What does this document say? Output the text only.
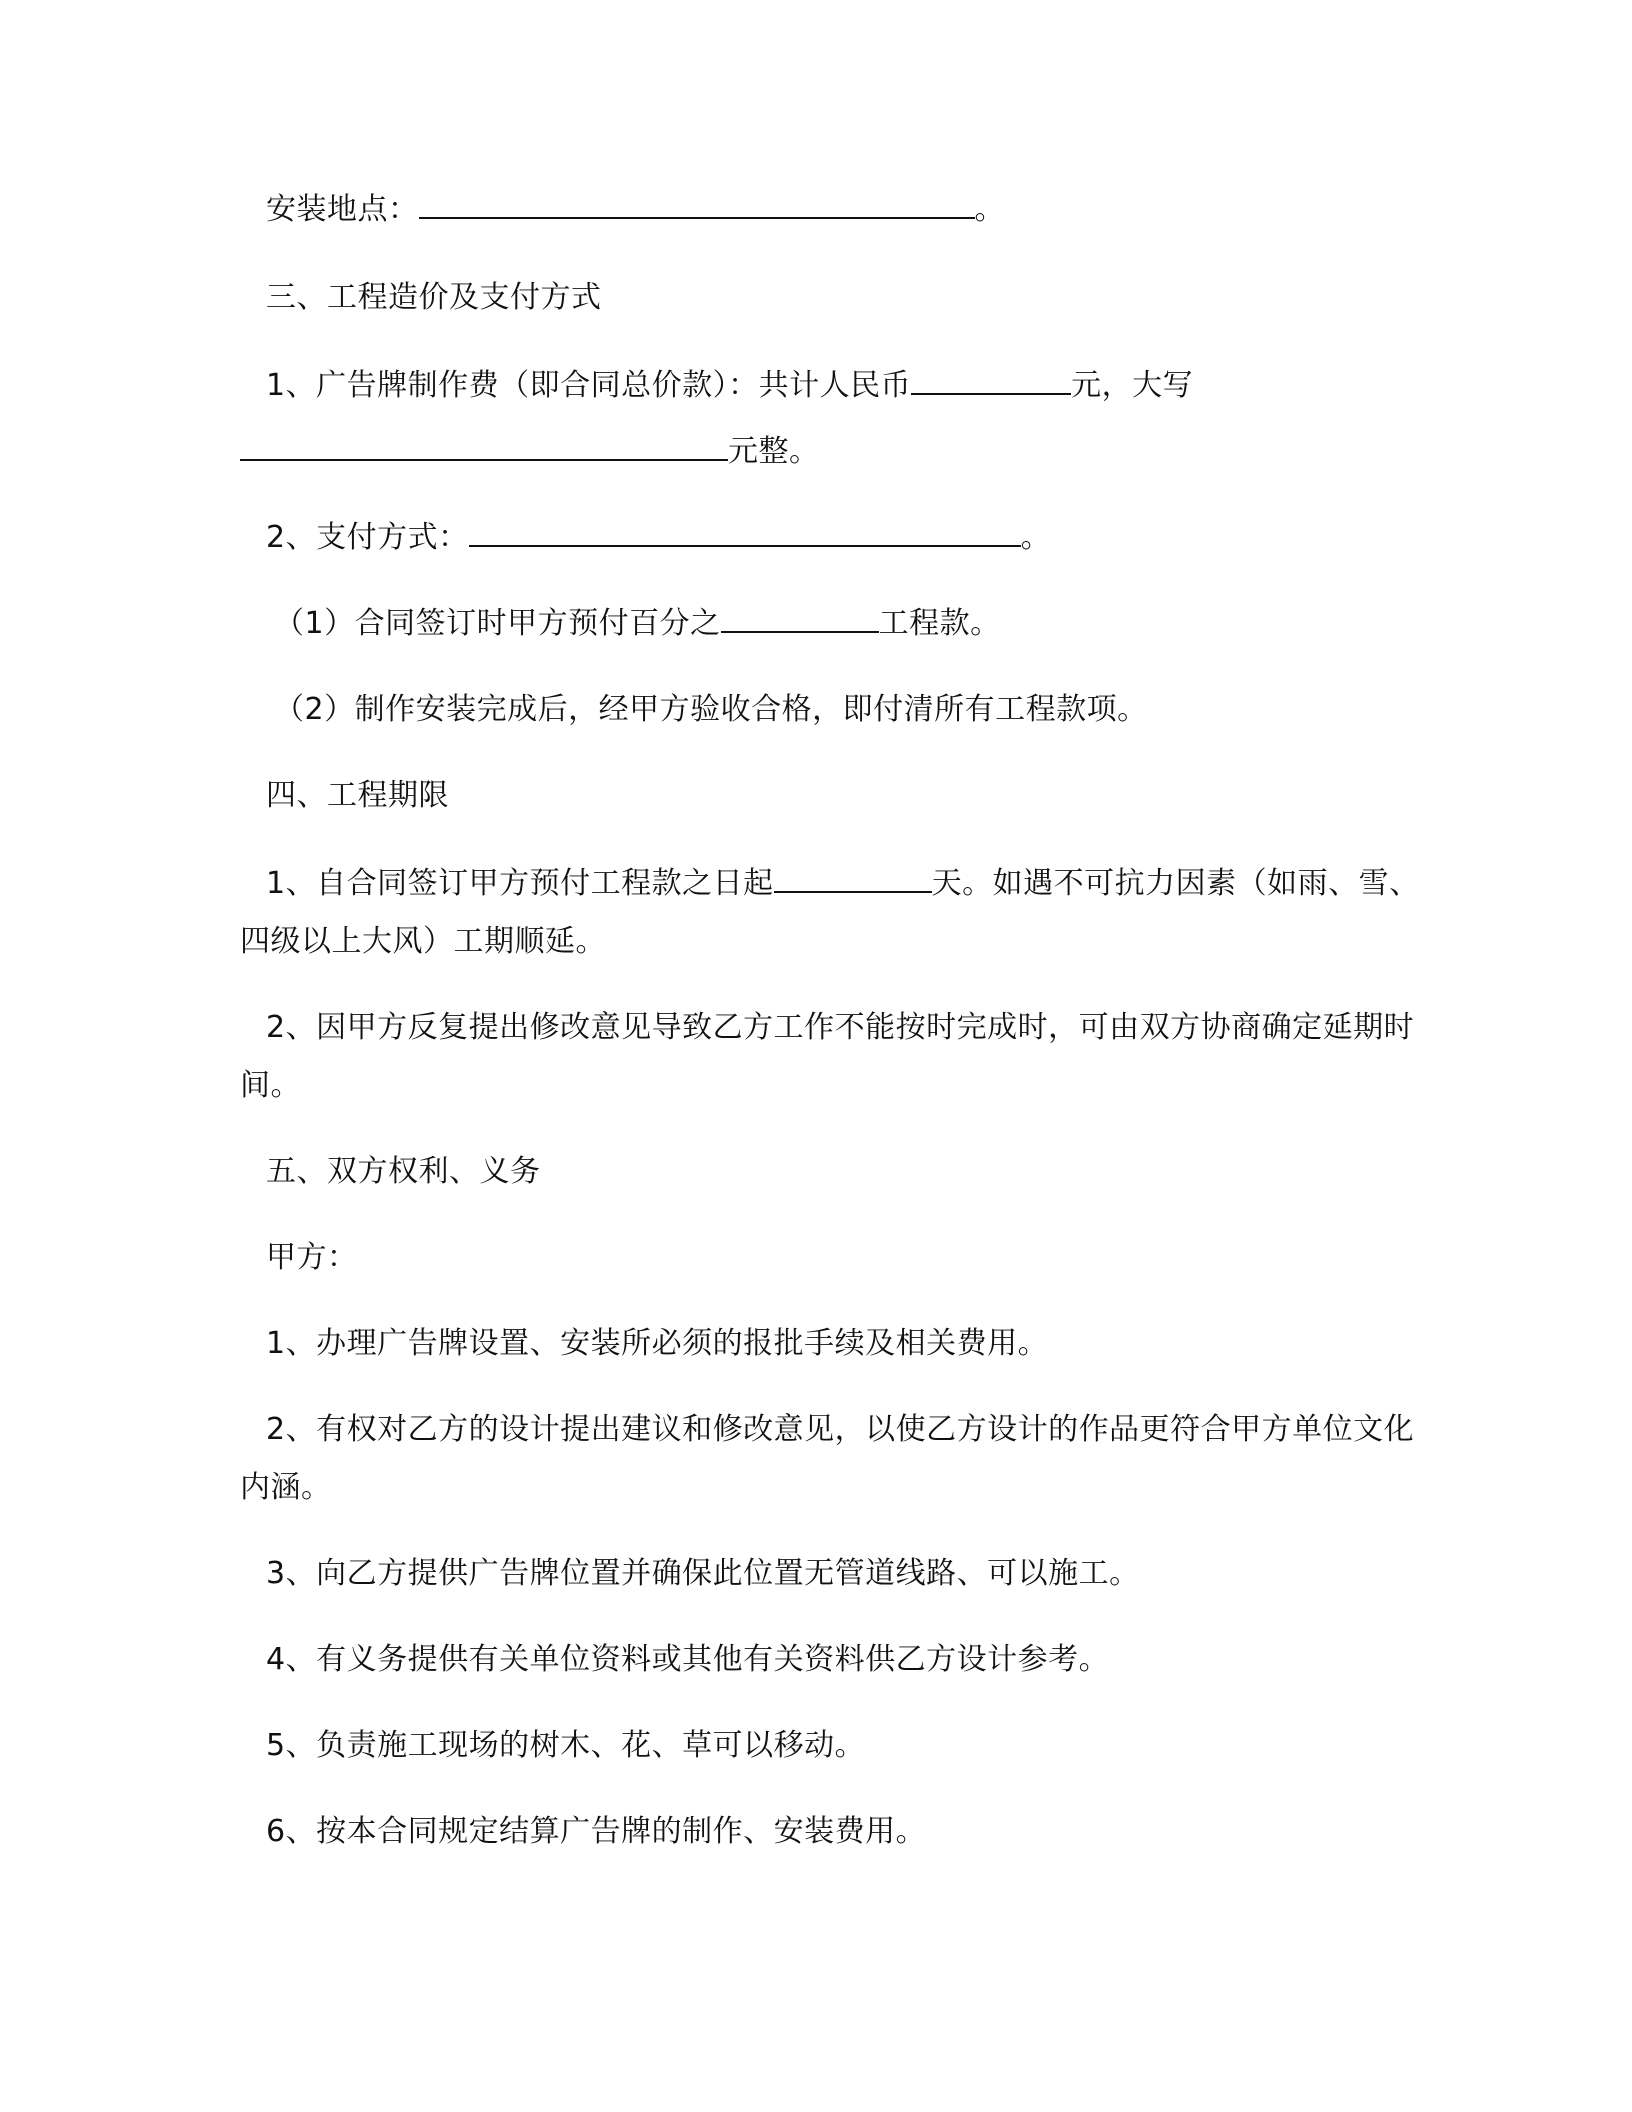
安装地点：	。
三、工程造价及支付方式
1、广告牌制作费（即合同总价款）：共计人民币	元，大写
元整。
2、支付方式：	。
（1）合同签订时甲方预付百分之	工程款。
（2）制作安装完成后，经甲方验收合格，即付清所有工程款项。
四、工程期限
1、自合同签订甲方预付工程款之日起	天。如遇不可抗力因素（如雨、雪、
四级以上大风）工期顺延。
2、因甲方反复提出修改意见导致乙方工作不能按时完成时，可由双方协商确定延期时
间。
五、双方权利、义务
甲方：
1、办理广告牌设置、安装所必须的报批手续及相关费用。
2、有权对乙方的设计提出建议和修改意见，以使乙方设计的作品更符合甲方单位文化
内涵。
3、向乙方提供广告牌位置并确保此位置无管道线路、可以施工。
4、有义务提供有关单位资料或其他有关资料供乙方设计参考。
5、负责施工现场的树木、花、草可以移动。
6、按本合同规定结算广告牌的制作、安装费用。
